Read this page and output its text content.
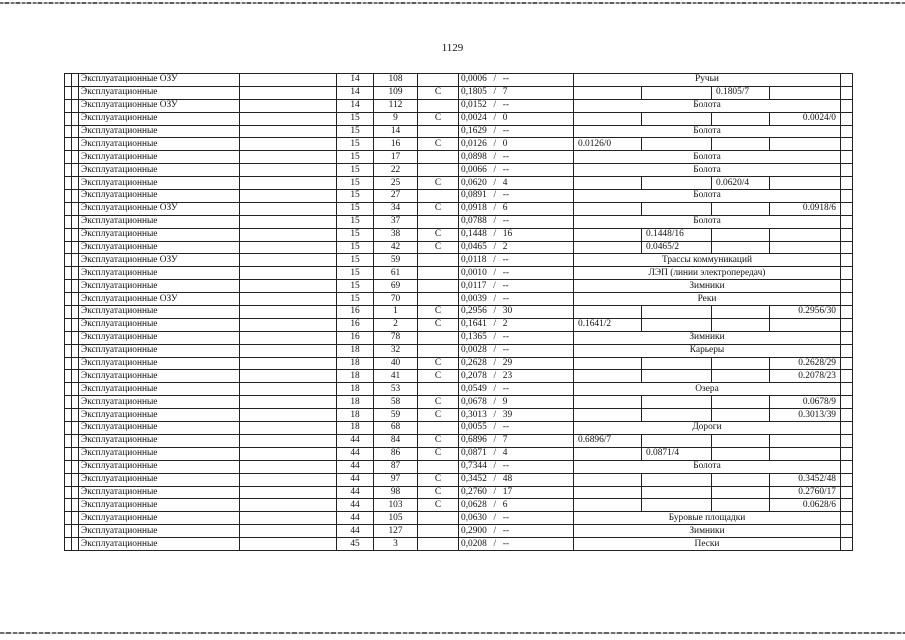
1129
		Эксплуатационные ОЗУ		14	108		0,0006 / --	Ручьи				
		Эксплуатационные		14	109	С	0,1805 / 7			0.1805/7		
		Эксплуатационные ОЗУ		14	112		0,0152 / --	Болота				
		Эксплуатационные		15	9	С	0,0024 / 0				0.0024/0	
		Эксплуатационные		15	14		0,1629 / --	Болота				
		Эксплуатационные		15	16	С	0,0126 / 0	0.0126/0				
		Эксплуатационные		15	17		0,0898 / --	Болота				
		Эксплуатационные		15	22		0,0066 / --	Болота				
		Эксплуатационные		15	25	С	0,0620 / 4			0.0620/4		
		Эксплуатационные		15	27		0,0891 / --	Болота				
		Эксплуатационные ОЗУ		15	34	С	0,0918 / 6				0.0918/6	
		Эксплуатационные		15	37		0,0788 / --	Болота				
		Эксплуатационные		15	38	С	0,1448 / 16		0.1448/16			
		Эксплуатационные		15	42	С	0,0465 / 2		0.0465/2			
		Эксплуатационные ОЗУ		15	59		0,0118 / --	Трассы коммуникаций				
		Эксплуатационные		15	61		0,0010 / --	ЛЭП (линии электропередач)				
		Эксплуатационные		15	69		0,0117 / --	Зимники				
		Эксплуатационные ОЗУ		15	70		0,0039 / --	Реки				
		Эксплуатационные		16	1	С	0,2956 / 30				0.2956/30	
		Эксплуатационные		16	2	С	0,1641 / 2	0.1641/2				
		Эксплуатационные		16	78		0,1365 / --	Зимники				
		Эксплуатационные		18	32		0,0028 / --	Карьеры				
		Эксплуатационные		18	40	С	0,2628 / 29				0.2628/29	
		Эксплуатационные		18	41	С	0,2078 / 23				0.2078/23	
		Эксплуатационные		18	53		0,0549 / --	Озера				
		Эксплуатационные		18	58	С	0,0678 / 9				0.0678/9	
		Эксплуатационные		18	59	С	0,3013 / 39				0.3013/39	
		Эксплуатационные		18	68		0,0055 / --	Дороги				
		Эксплуатационные		44	84	С	0,6896 / 7	0.6896/7				
		Эксплуатационные		44	86	С	0,0871 / 4		0.0871/4			
		Эксплуатационные		44	87		0,7344 / --	Болота				
		Эксплуатационные		44	97	С	0,3452 / 48				0.3452/48	
		Эксплуатационные		44	98	С	0,2760 / 17				0.2760/17	
		Эксплуатационные		44	103	С	0,0628 / 6				0.0628/6	
		Эксплуатационные		44	105		0,0630 / --	Буровые площадки				
		Эксплуатационные		44	127		0,2900 / --	Зимники				
		Эксплуатационные		45	3		0,0208 / --	Пески				
